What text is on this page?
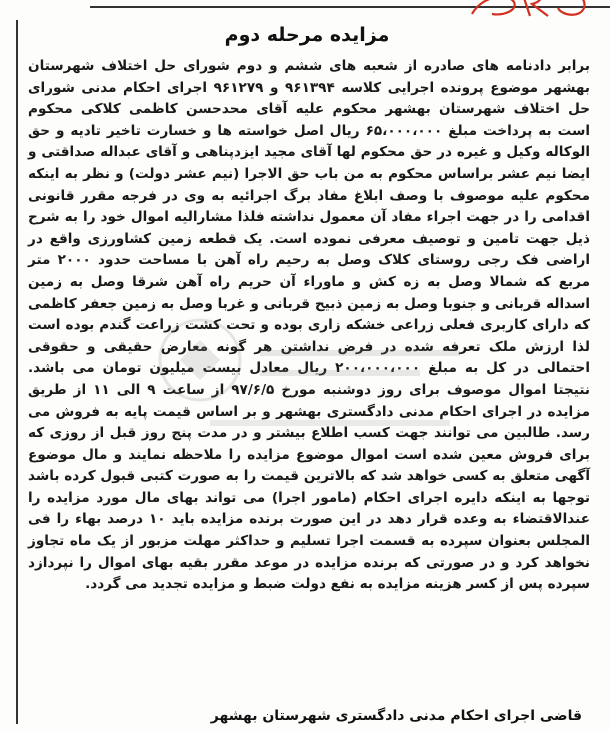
مزایده مرحله دوم
برابر دادنامه های صادره از شعبه های ششم و دوم شورای حل اختلاف شهرستان بهشهر موضوع پرونده اجرایی کلاسه ۹۶۱۳۹۴ و ۹۶۱۲۷۹ اجرای احکام مدنی شورای حل اختلاف شهرستان بهشهر محکوم علیه آقای محدحسن کاظمی کلاکی محکوم است به پرداخت مبلغ ۶۵،۰۰۰،۰۰۰ ریال اصل خواسته ها و خسارت تاخیر تادیه و حق الوکاله وکیل و غیره در حق محکوم لها آقای مجید ایزدپناهی و آقای عبداله صداقتی و ایضا نیم عشر براساس محکوم به من باب حق الاجرا (نیم عشر دولت) و نظر به اینکه محکوم علیه موصوف با وصف ابلاغ مفاد برگ اجرائیه به وی در فرجه مقرر قانونی اقدامی را در جهت اجراء مفاد آن معمول نداشته فلذا مشارالیه اموال خود را به شرح ذیل جهت تامین و توصیف معرفی نموده است. یک قطعه زمین کشاورزی واقع در اراضی فک رجی روستای کلاک وصل به رحیم راه آهن با مساحت حدود ۲۰۰۰ متر مربع که شمالا وصل به زه کش و ماوراء آن حریم راه آهن شرقا وصل به زمین اسداله قربانی و جنوبا وصل به زمین ذبیح قربانی و غربا وصل به زمین جعفر کاظمی که دارای کاربری فعلی زراعی خشکه زاری بوده و تحت کشت زراعت گندم بوده است لذا ارزش ملک تعرفه شده در فرض نداشتن هر گونه معارض حقیقی و حقوقی احتمالی در کل به مبلغ ۲۰۰،۰۰۰،۰۰۰ ریال معادل بیست میلیون تومان می باشد. نتیجتا اموال موصوف برای روز دوشنبه مورخ ۹۷/۶/۵ از ساعت ۹ الی ۱۱ از طریق مزایده در اجرای احکام مدنی دادگستری بهشهر و بر اساس قیمت پایه به فروش می رسد. طالبین می توانند جهت کسب اطلاع بیشتر و در مدت پنج روز قبل از روزی که برای فروش معین شده است اموال موضوع مزایده را ملاحظه نمایند و مال موضوع آگهی متعلق به کسی خواهد شد که بالاترین قیمت را به صورت کتبی قبول کرده باشد توجها به اینکه دایره اجرای احکام (مامور اجرا) می تواند بهای مال مورد مزایده را عندالاقتضاء به وعده قرار دهد در این صورت برنده مزایده باید ۱۰ درصد بهاء را فی المجلس بعنوان سپرده به قسمت اجرا تسلیم و حداکثر مهلت مزبور از یک ماه تجاوز نخواهد کرد و در صورتی که برنده مزایده در موعد مقرر بقیه بهای اموال را نپردازد سپرده پس از کسر هزینه مزایده به نفع دولت ضبط و مزایده تجدید می گردد.
قاضی اجرای احکام مدنی دادگستری شهرستان بهشهر
